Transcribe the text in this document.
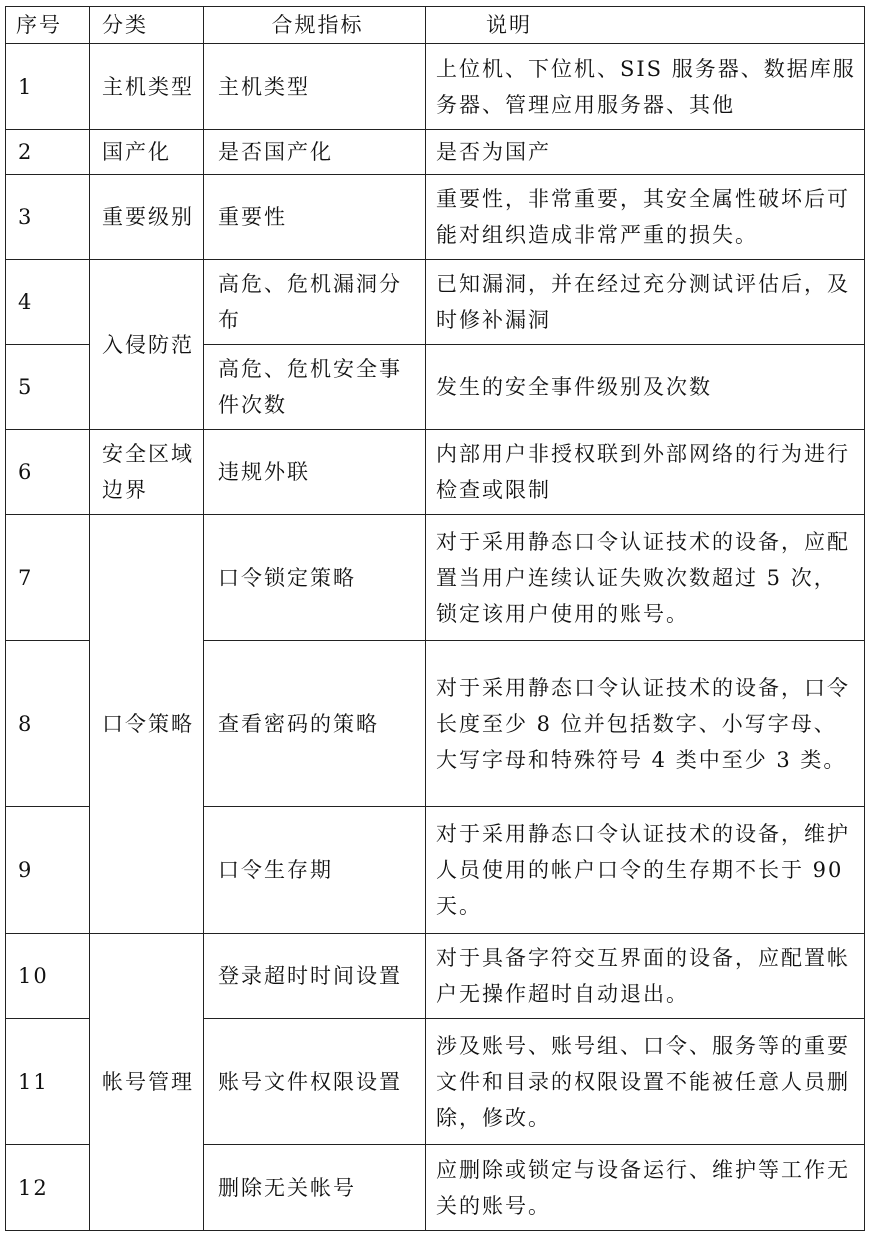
序号	分类	合规指标	说明
1	主机类型	主机类型	上位机、下位机、SIS 服务器、数据库服务器、管理应用服务器、其他
2	国产化	是否国产化	是否为国产
3	重要级别	重要性	重要性，非常重要，其安全属性破坏后可能对组织造成非常严重的损失。
4	入侵防范	高危、危机漏洞分布	已知漏洞，并在经过充分测试评估后，及时修补漏洞
5		高危、危机安全事件次数	发生的安全事件级别及次数
6	安全区域边界	违规外联	内部用户非授权联到外部网络的行为进行检查或限制
7	口令策略	口令锁定策略	对于采用静态口令认证技术的设备，应配置当用户连续认证失败次数超过 5 次，锁定该用户使用的账号。
8		查看密码的策略	对于采用静态口令认证技术的设备，口令长度至少 8 位并包括数字、小写字母、大写字母和特殊符号 4 类中至少 3 类。
9		口令生存期	对于采用静态口令认证技术的设备，维护人员使用的帐户口令的生存期不长于 90 天。
10	帐号管理	登录超时时间设置	对于具备字符交互界面的设备，应配置帐户无操作超时自动退出。
11		账号文件权限设置	涉及账号、账号组、口令、服务等的重要文件和目录的权限设置不能被任意人员删除，修改。
12		删除无关帐号	应删除或锁定与设备运行、维护等工作无关的账号。
